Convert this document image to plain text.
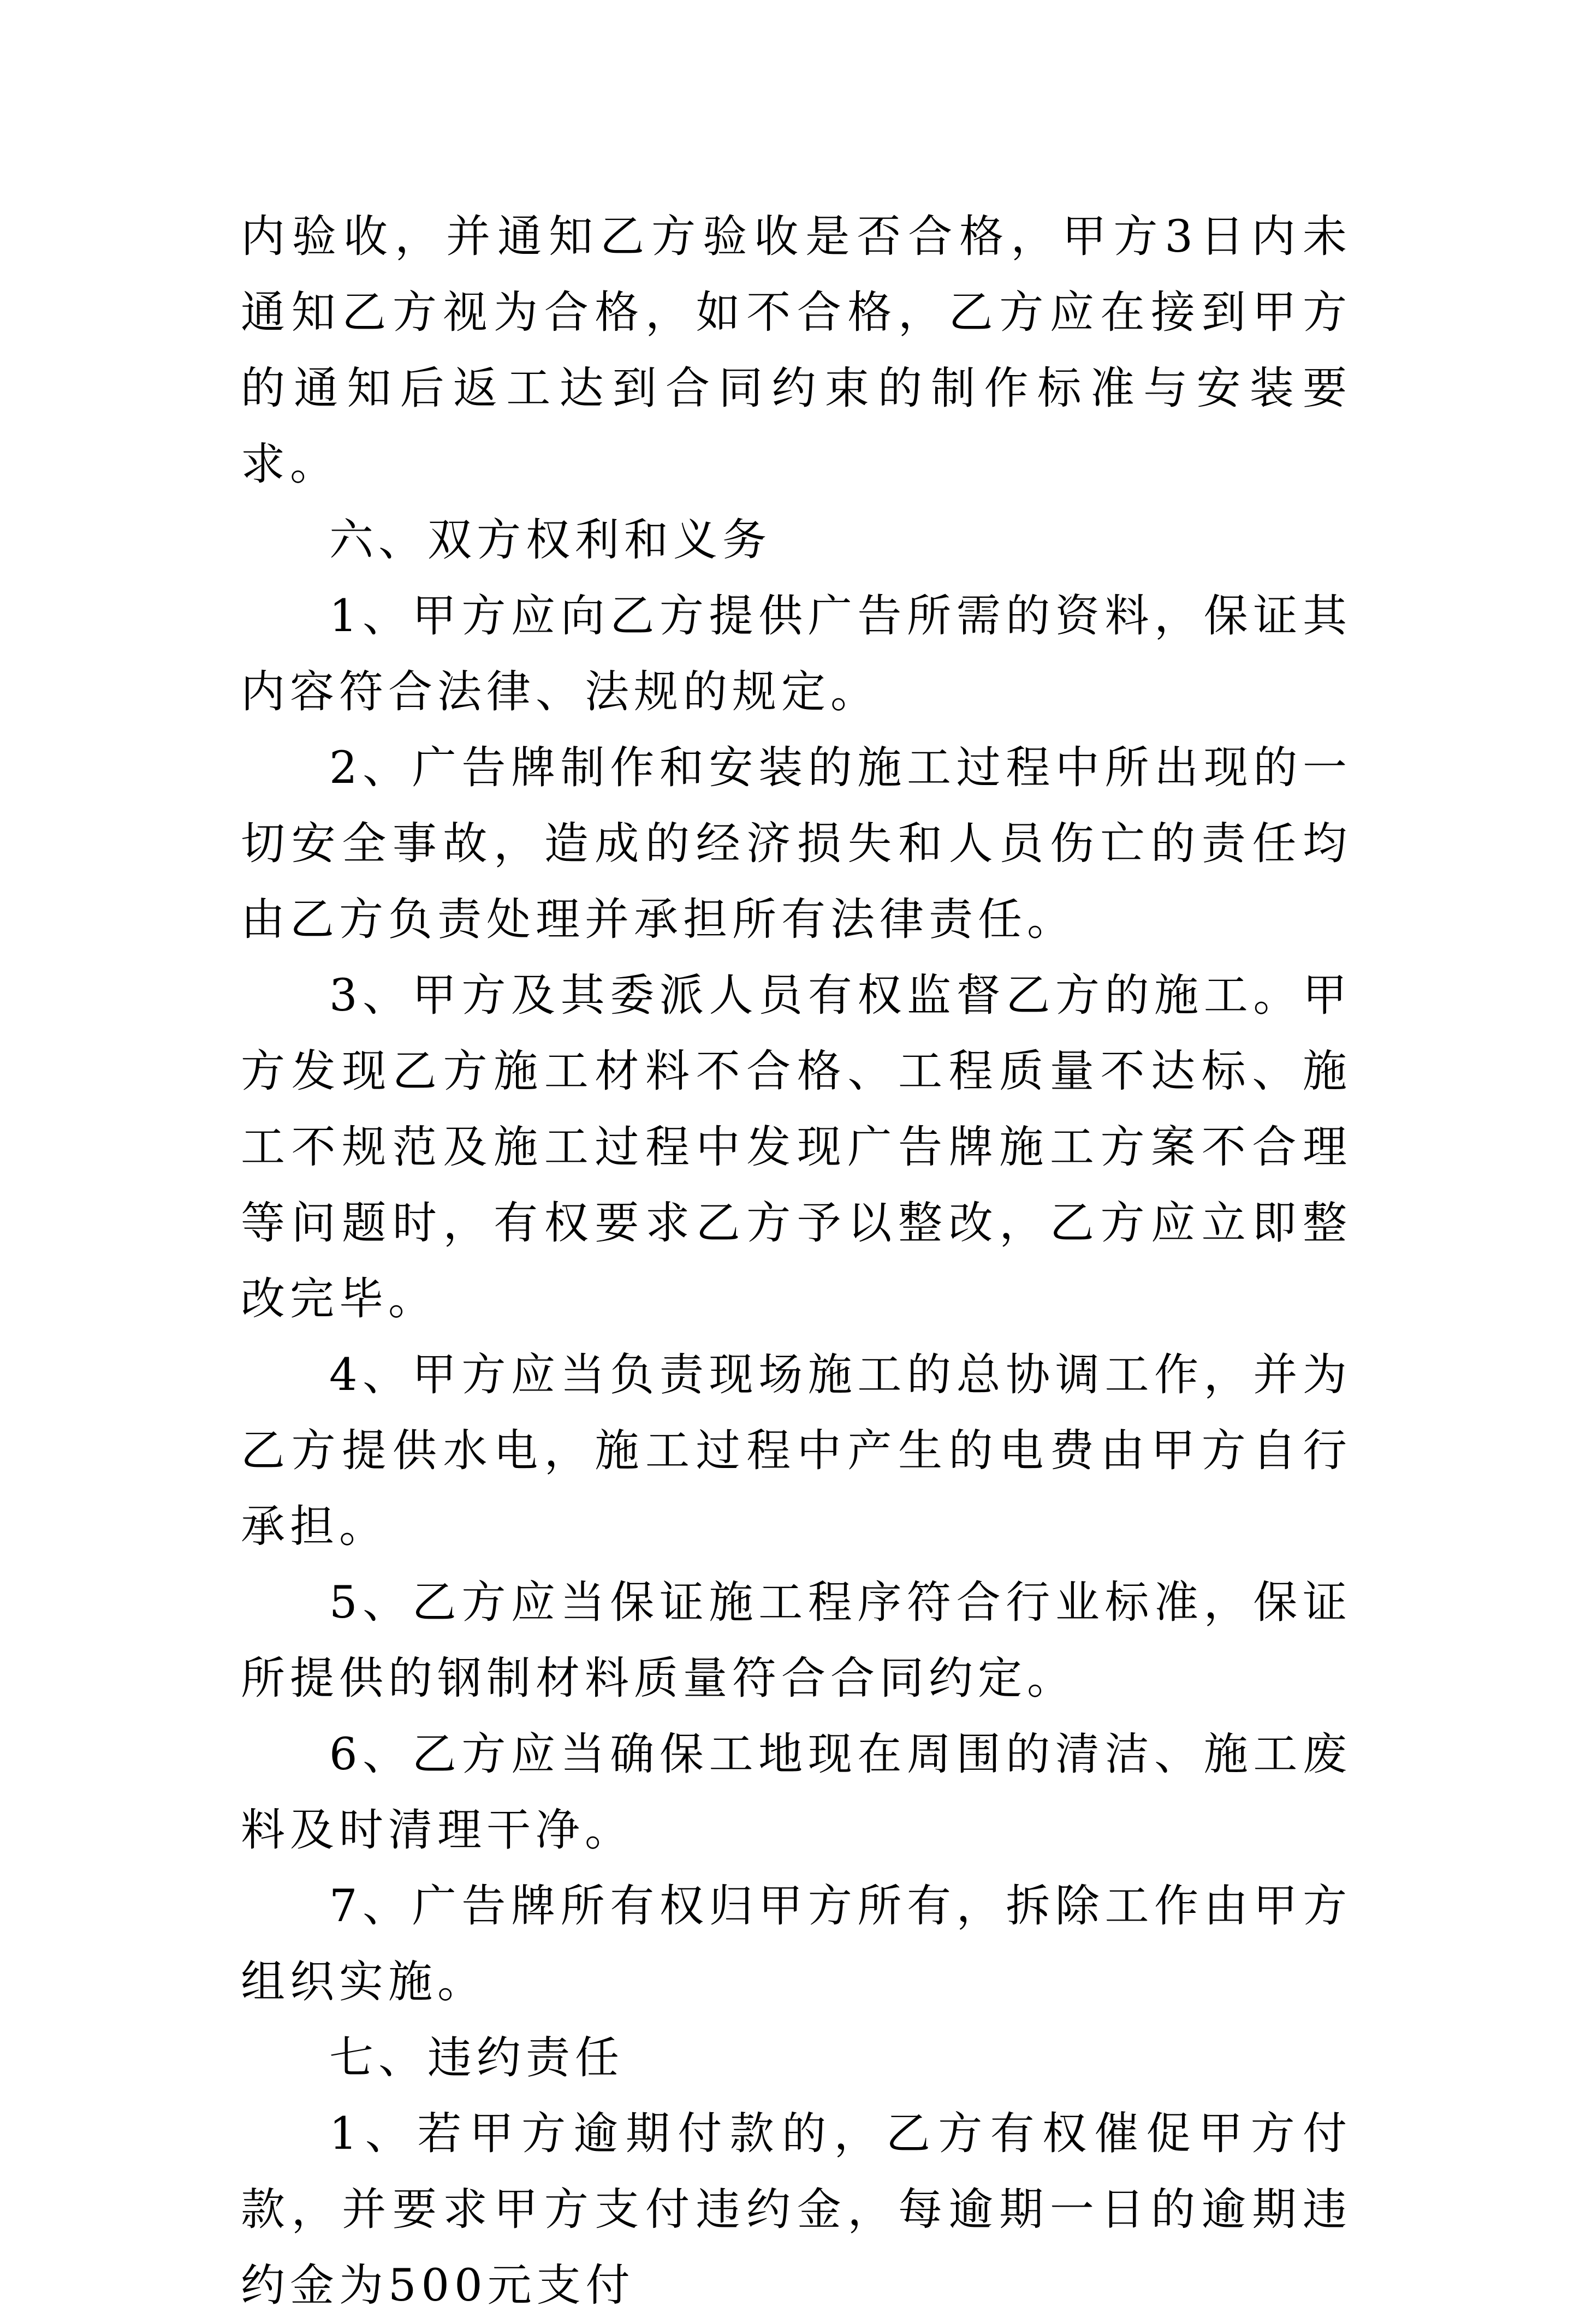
内验收，并通知乙方验收是否合格，甲方3日内未通知乙方视为合格，如不合格，乙方应在接到甲方的通知后返工达到合同约束的制作标准与安装要求。

六、双方权利和义务

1、甲方应向乙方提供广告所需的资料，保证其内容符合法律、法规的规定。

2、广告牌制作和安装的施工过程中所出现的一切安全事故，造成的经济损失和人员伤亡的责任均由乙方负责处理并承担所有法律责任。

3、甲方及其委派人员有权监督乙方的施工。甲方发现乙方施工材料不合格、工程质量不达标、施工不规范及施工过程中发现广告牌施工方案不合理等问题时，有权要求乙方予以整改，乙方应立即整改完毕。

4、甲方应当负责现场施工的总协调工作，并为乙方提供水电，施工过程中产生的电费由甲方自行承担。

5、乙方应当保证施工程序符合行业标准，保证所提供的钢制材料质量符合合同约定。

6、乙方应当确保工地现在周围的清洁、施工废料及时清理干净。

7、广告牌所有权归甲方所有，拆除工作由甲方组织实施。

七、违约责任

1、若甲方逾期付款的，乙方有权催促甲方付款，并要求甲方支付违约金，每逾期一日的逾期违约金为500元支付
